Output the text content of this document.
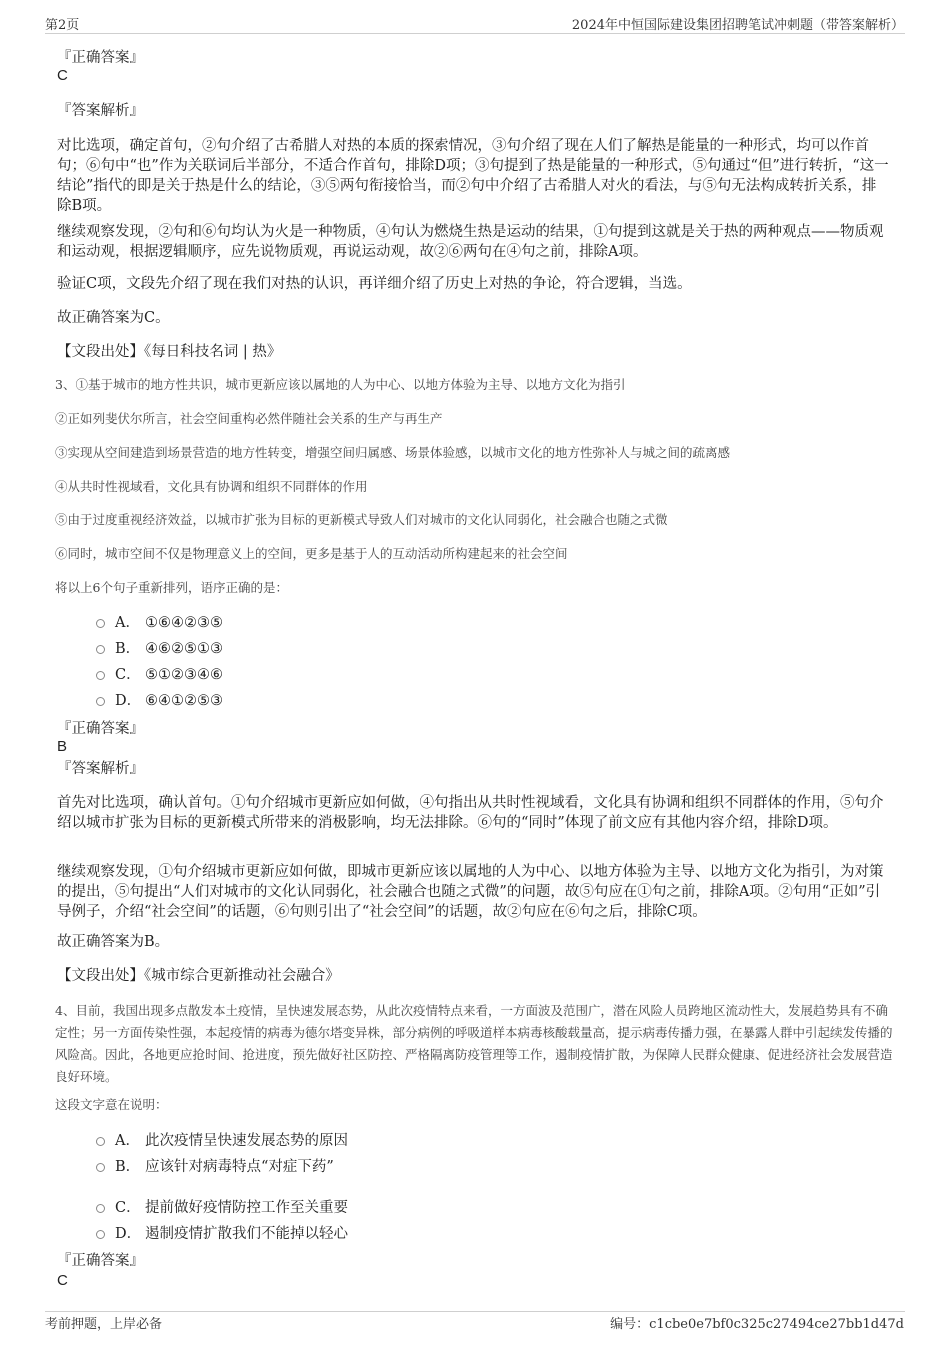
第2页	2024年中恒国际建设集团招聘笔试冲刺题（带答案解析）
『正确答案』
C
『答案解析』
对比选项，确定首句，②句介绍了古希腊人对热的本质的探索情况，③句介绍了现在人们了解热是能量的一种形式，均可以作首句；⑥句中“也”作为关联词后半部分，不适合作首句，排除D项；③句提到了热是能量的一种形式，⑤句通过“但”进行转折，“这一结论”指代的即是关于热是什么的结论，③⑤两句衔接恰当，而②句中介绍了古希腊人对火的看法，与⑤句无法构成转折关系，排除B项。
继续观察发现，②句和⑥句均认为火是一种物质，④句认为燃烧生热是运动的结果，①句提到这就是关于热的两种观点——物质观和运动观，根据逻辑顺序，应先说物质观，再说运动观，故②⑥两句在④句之前，排除A项。
验证C项，文段先介绍了现在我们对热的认识，再详细介绍了历史上对热的争论，符合逻辑，当选。
故正确答案为C。
【文段出处】《每日科技名词 | 热》
3、①基于城市的地方性共识，城市更新应该以属地的人为中心、以地方体验为主导、以地方文化为指引
②正如列斐伏尔所言，社会空间重构必然伴随社会关系的生产与再生产
③实现从空间建造到场景营造的地方性转变，增强空间归属感、场景体验感，以城市文化的地方性弥补人与城之间的疏离感
④从共时性视域看，文化具有协调和组织不同群体的作用
⑤由于过度重视经济效益，以城市扩张为目标的更新模式导致人们对城市的文化认同弱化，社会融合也随之式微
⑥同时，城市空间不仅是物理意义上的空间，更多是基于人的互动活动所构建起来的社会空间
将以上6个句子重新排列，语序正确的是：
A． ①⑥④②③⑤
B． ④⑥②⑤①③
C． ⑤①②③④⑥
D． ⑥④①②⑤③
『正确答案』
B
『答案解析』
首先对比选项，确认首句。①句介绍城市更新应如何做，④句指出从共时性视域看，文化具有协调和组织不同群体的作用，⑤句介绍以城市扩张为目标的更新模式所带来的消极影响，均无法排除。⑥句的“同时”体现了前文应有其他内容介绍，排除D项。
继续观察发现，①句介绍城市更新应如何做，即城市更新应该以属地的人为中心、以地方体验为主导、以地方文化为指引，为对策的提出，⑤句提出“人们对城市的文化认同弱化，社会融合也随之式微”的问题，故⑤句应在①句之前，排除A项。②句用“正如”引导例子，介绍“社会空间”的话题，⑥句则引出了“社会空间”的话题，故②句应在⑥句之后，排除C项。
故正确答案为B。
【文段出处】《城市综合更新推动社会融合》
4、目前，我国出现多点散发本土疫情，呈快速发展态势，从此次疫情特点来看，一方面波及范围广，潜在风险人员跨地区流动性大，发展趋势具有不确定性；另一方面传染性强，本起疫情的病毒为德尔塔变异株，部分病例的呼吸道样本病毒核酸载量高，提示病毒传播力强，在暴露人群中引起续发传播的风险高。因此，各地更应抢时间、抢进度，预先做好社区防控、严格隔离防疫管理等工作，遏制疫情扩散，为保障人民群众健康、促进经济社会发展营造良好环境。
这段文字意在说明：
A． 此次疫情呈快速发展态势的原因
B． 应该针对病毒特点“对症下药”
C． 提前做好疫情防控工作至关重要
D． 遏制疫情扩散我们不能掉以轻心
『正确答案』
C
考前押题，上岸必备	编号：c1cbe0e7bf0c325c27494ce27bb1d47d
